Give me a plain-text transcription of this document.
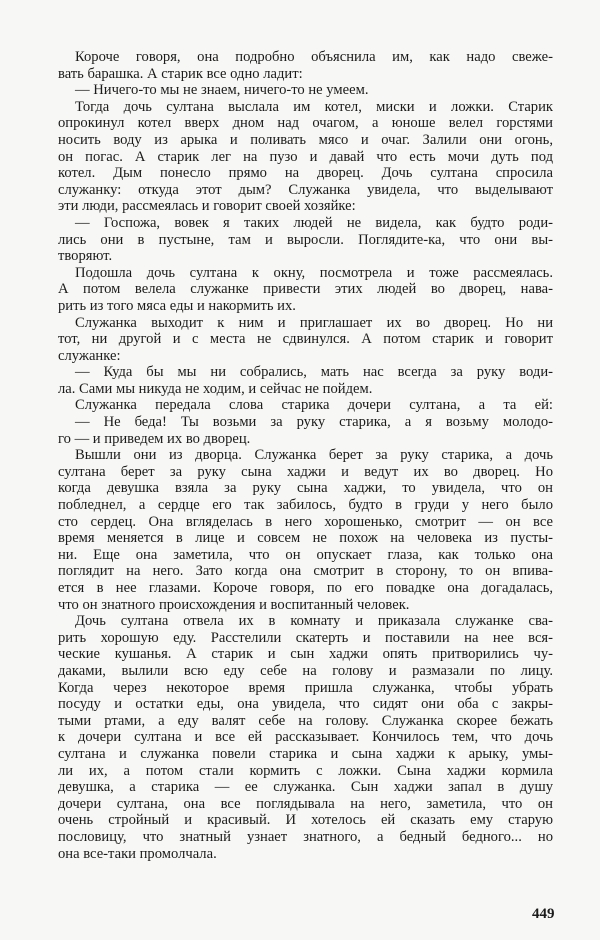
Короче говоря, она подробно объяснила им, как надо свеже-
вать барашка. А старик все одно ладит:
— Ничего-то мы не знаем, ничего-то не умеем.
Тогда дочь султана выслала им котел, миски и ложки. Старик
опрокинул котел вверх дном над очагом, а юноше велел горстями
носить воду из арыка и поливать мясо и очаг. Залили они огонь,
он погас. А старик лег на пузо и давай что есть мочи дуть под
котел. Дым понесло прямо на дворец. Дочь султана спросила
служанку: откуда этот дым? Служанка увидела, что выделывают
эти люди, рассмеялась и говорит своей хозяйке:
— Госпожа, вовек я таких людей не видела, как будто роди-
лись они в пустыне, там и выросли. Поглядите-ка, что они вы-
творяют.
Подошла дочь султана к окну, посмотрела и тоже рассмеялась.
А потом велела служанке привести этих людей во дворец, нава-
рить из того мяса еды и накормить их.
Служанка выходит к ним и приглашает их во дворец. Но ни
тот, ни другой и с места не сдвинулся. А потом старик и говорит
служанке:
— Куда бы мы ни собрались, мать нас всегда за руку води-
ла. Сами мы никуда не ходим, и сейчас не пойдем.
Служанка передала слова старика дочери султана, а та ей:
— Не беда! Ты возьми за руку старика, а я возьму молодо-
го — и приведем их во дворец.
Вышли они из дворца. Служанка берет за руку старика, а дочь
султана берет за руку сына хаджи и ведут их во дворец. Но
когда девушка взяла за руку сына хаджи, то увидела, что он
побледнел, а сердце его так забилось, будто в груди у него было
сто сердец. Она вгляделась в него хорошенько, смотрит — он все
время меняется в лице и совсем не похож на человека из пусты-
ни. Еще она заметила, что он опускает глаза, как только она
поглядит на него. Зато когда она смотрит в сторону, то он впива-
ется в нее глазами. Короче говоря, по его повадке она догадалась,
что он знатного происхождения и воспитанный человек.
Дочь султана отвела их в комнату и приказала служанке сва-
рить хорошую еду. Расстелили скатерть и поставили на нее вся-
ческие кушанья. А старик и сын хаджи опять притворились чу-
даками, вылили всю еду себе на голову и размазали по лицу.
Когда через некоторое время пришла служанка, чтобы убрать
посуду и остатки еды, она увидела, что сидят они оба с закры-
тыми ртами, а еду валят себе на голову. Служанка скорее бежать
к дочери султана и все ей рассказывает. Кончилось тем, что дочь
султана и служанка повели старика и сына хаджи к арыку, умы-
ли их, а потом стали кормить с ложки. Сына хаджи кормила
девушка, а старика — ее служанка. Сын хаджи запал в душу
дочери султана, она все поглядывала на него, заметила, что он
очень стройный и красивый. И хотелось ей сказать ему старую
пословицу, что знатный узнает знатного, а бедный бедного... но
она все-таки промолчала.
449
